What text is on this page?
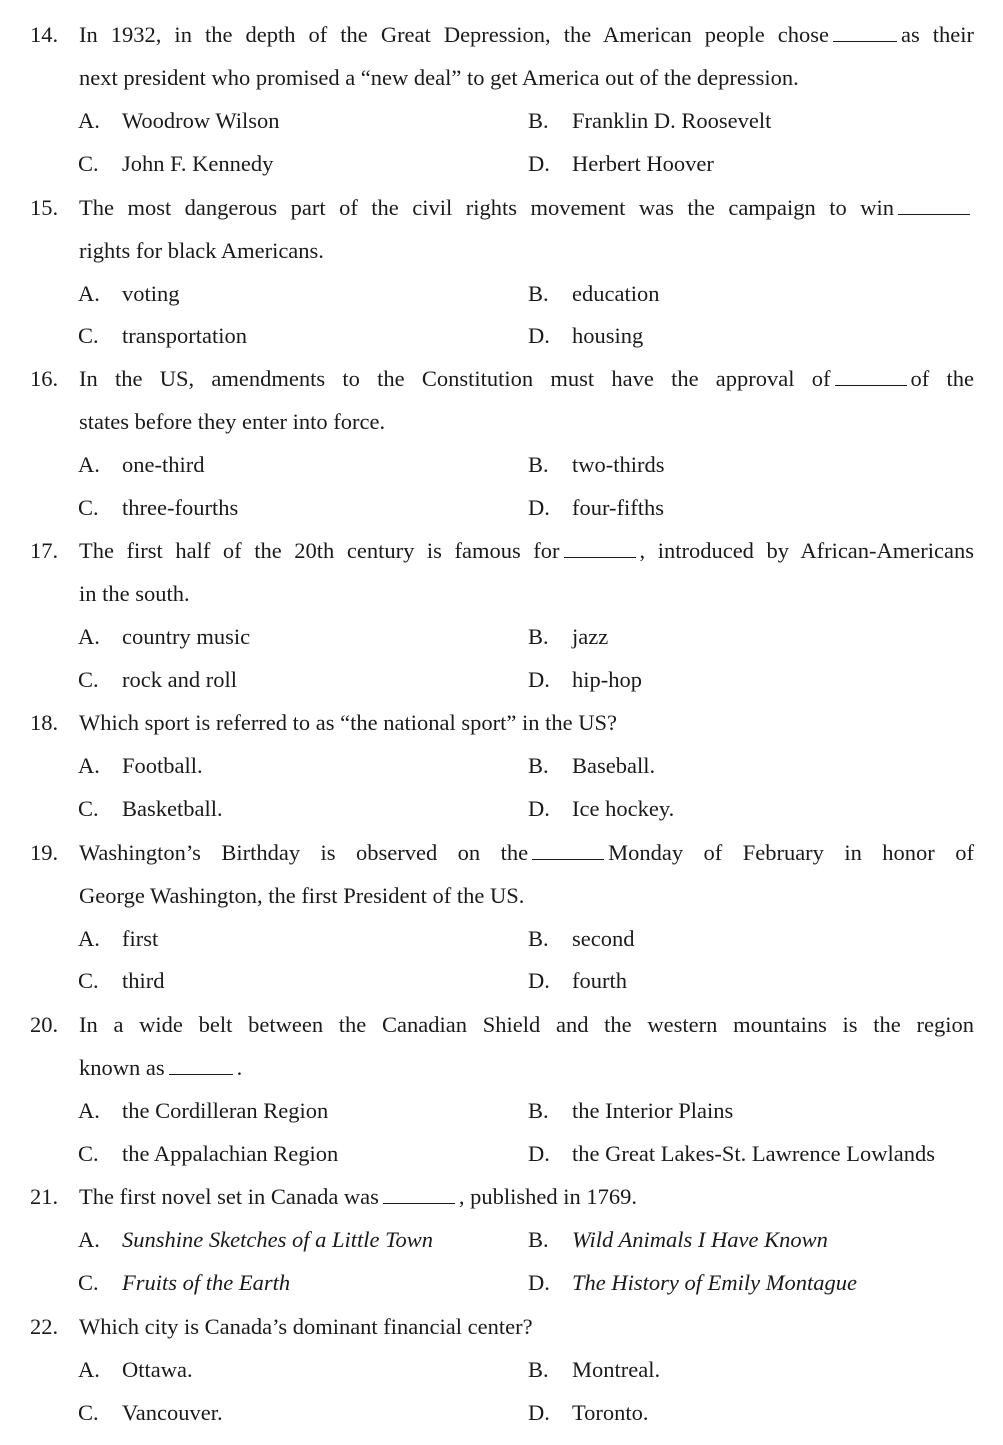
14. In 1932, in the depth of the Great Depression, the American people chose	as their
next president who promised a “new deal” to get America out of the depression.
A. Woodrow Wilson	B. Franklin D. Roosevelt
C. John F. Kennedy	D. Herbert Hoover
15. The most dangerous part of the civil rights movement was the campaign to win
rights for black Americans.
A. voting	B. education
C. transportation	D. housing
16. In the US, amendments to the Constitution must have the approval of	of the
states before they enter into force.
A. one-third	B. two-thirds
C. three-fourths	D. four-fifths
17. The first half of the 20th century is famous for	, introduced by African-Americans
in the south.
A. country music	B. jazz
C. rock and roll	D. hip-hop
18. Which sport is referred to as “the national sport” in the US?
A. Football.	B. Baseball.
C. Basketball.	D. Ice hockey.
19. Washington’s Birthday is observed on the	Monday of February in honor of
George Washington, the first President of the US.
A. first	B. second
C. third	D. fourth
20. In a wide belt between the Canadian Shield and the western mountains is the region
known as	.
A. the Cordilleran Region	B. the Interior Plains
C. the Appalachian Region	D. the Great Lakes-St. Lawrence Lowlands
21. The first novel set in Canada was	, published in 1769.
A. Sunshine Sketches of a Little Town	B. Wild Animals I Have Known
C. Fruits of the Earth	D. The History of Emily Montague
22. Which city is Canada’s dominant financial center?
A. Ottawa.	B. Montreal.
C. Vancouver.	D. Toronto.
